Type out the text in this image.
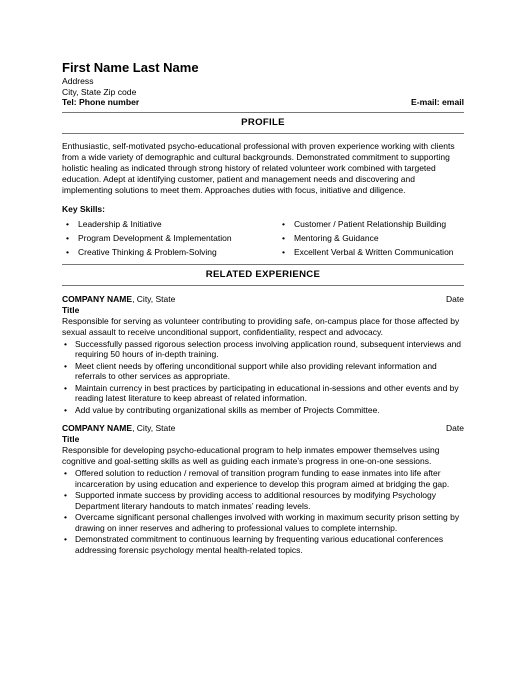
First Name Last Name

Address

City, State Zip code

Tel: Phone number	E-mail: email
PROFILE

Enthusiastic, self-motivated psycho-educational professional with proven experience working with clients from a wide variety of demographic and cultural backgrounds. Demonstrated commitment to supporting holistic healing as indicated through strong history of related volunteer work combined with targeted education. Adept at identifying customer, patient and management needs and discovering and implementing solutions to meet them. Approaches duties with focus, initiative and diligence.

Key Skills:
•	Leadership & Initiative	•	Customer / Patient Relationship Building
•	Program Development & Implementation	•	Mentoring & Guidance
•	Creative Thinking & Problem-Solving	•	Excellent Verbal & Written Communication
RELATED EXPERIENCE
COMPANY NAME, City, State	Date
Title

Responsible for serving as volunteer contributing to providing safe, on-campus place for those affected by sexual assault to receive unconditional support, confidentiality, respect and advocacy.

• Successfully passed rigorous selection process involving application round, subsequent interviews and requiring 50 hours of in-depth training.
• Meet client needs by offering unconditional support while also providing relevant information and referrals to other services as appropriate.
• Maintain currency in best practices by participating in educational in-sessions and other events and by reading latest literature to keep abreast of related information.
• Add value by contributing organizational skills as member of Projects Committee.
COMPANY NAME, City, State	Date
Title

Responsible for developing psycho-educational program to help inmates empower themselves using cognitive and goal-setting skills as well as guiding each inmate’s progress in one-on-one sessions.

• Offered solution to reduction / removal of transition program funding to ease inmates into life after incarceration by using education and experience to develop this program aimed at bridging the gap.
• Supported inmate success by providing access to additional resources by modifying Psychology Department literary handouts to match inmates’ reading levels.
• Overcame significant personal challenges involved with working in maximum security prison setting by drawing on inner reserves and adhering to professional values to complete internship.
• Demonstrated commitment to continuous learning by frequenting various educational conferences addressing forensic psychology mental health-related topics.
